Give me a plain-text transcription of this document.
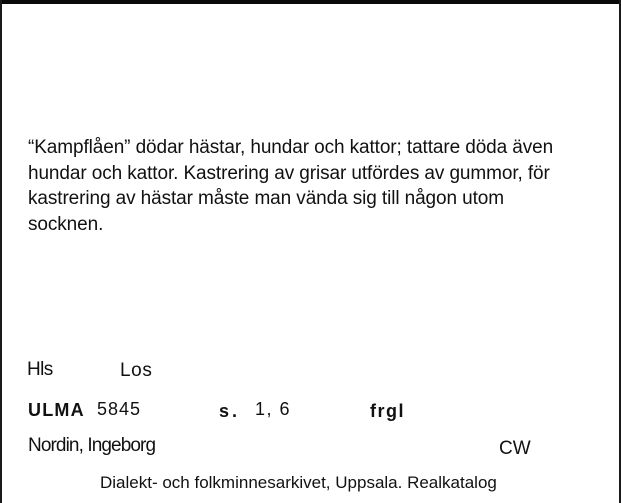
“Kampflåen” dödar hästar, hundar och kattor; tattare döda även
hundar och kattor. Kastrering av grisar utfördes av gummor, för
kastrering av hästar måste man vända sig till någon utom
socknen.
Hls	Los
ULMA 5845	s. 1, 6	frgl
Nordin, Ingeborg	CW
Dialekt- och folkminnesarkivet, Uppsala. Realkatalog
